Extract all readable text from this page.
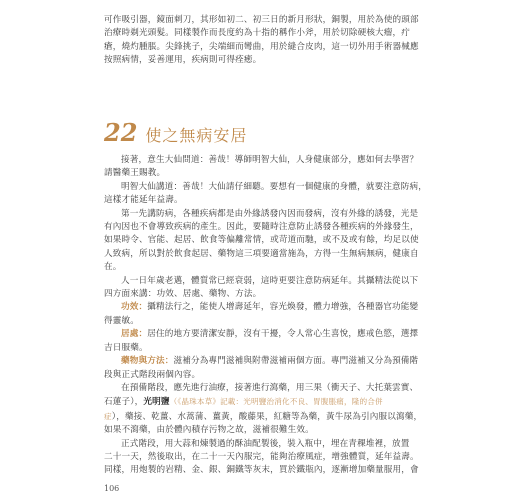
可作吸引器，鏡面刺刀，其形如初二、初三日的新月形狀，銅製，用於為使的頭部
治療時剃光頭髮。同樣製作而長度約為十指的稱作小斧，用於切除硬核大瘤，疔
瘡，燒灼腫脹。尖鋒挑子，尖端細而彎曲，用於縫合皮肉，這一切外用手術器械應
按照病情，妥善運用，疾病則可得痊癒。
22 使之無病安居
接著，意生大仙問道：善哉！導師明智大仙，人身健康部分，應如何去學習？
請醫藥王賜教。
明智大仙講道：善哉！大仙請仔細聽。要想有一個健康的身體，就要注意防病，
這樣才能延年益壽。
第一先講防病，各種疾病都是由外緣誘發內因而發病，沒有外緣的誘發，光是
有內因也不會導致疾病的產生。因此，要隨時注意防止誘發各種疾病的外緣發生，
如果時令、官能、起居、飲食等偏離常情，或苛道而馳，或不及或有餘，均足以使
人致病，所以對於飲食起居、藥物這三項要適當施為，方得一生無病無病，健康自
在。
人一日年歲老邁，體質常已經衰弱，這時更要注意防病延年。其攝精法從以下
四方面來講：功效、居處、藥物、方法。
功效：攝精法行之，能使人增壽延年，容光煥發，體力增強，各種器官功能變
得靈敏。
居處：居住的地方要清潔安靜，沒有干擾，令人常心生喜悅，應戒色慾，選擇
吉日服藥。
藥物與方法：滋補分為專門滋補與附帶滋補兩個方面。專門滋補又分為預備階
段與正式階段兩個內容。
在預備階段，應先進行油療，接著進行瀉藥，用三果（衝天子、大托葉雲實、
石蓮子），光明鹽（《晶珠本草》記載：光明鹽治消化不良、胃腹脹痛，隆的合併
症），藥接、乾薑、水蒿蒲、薑黃，酸藤果，紅糖等為藥，黃牛尿為引內服以瀉藥，
如果不瀉藥，由於體內積存污物之故，滋補很難生效。
正式階段，用大蒜和煉製過的酥油配製後，裝入瓶中，埋在青稞堆裡，放置
二十一天，然後取出，在二十一天內服完，能夠治療風症，增強體質，延年益壽。
同樣，用炮製的岩精、金、銀、銅鐵等灰末，買於鐵瓶內，逐漸增加藥量服用，會
106
